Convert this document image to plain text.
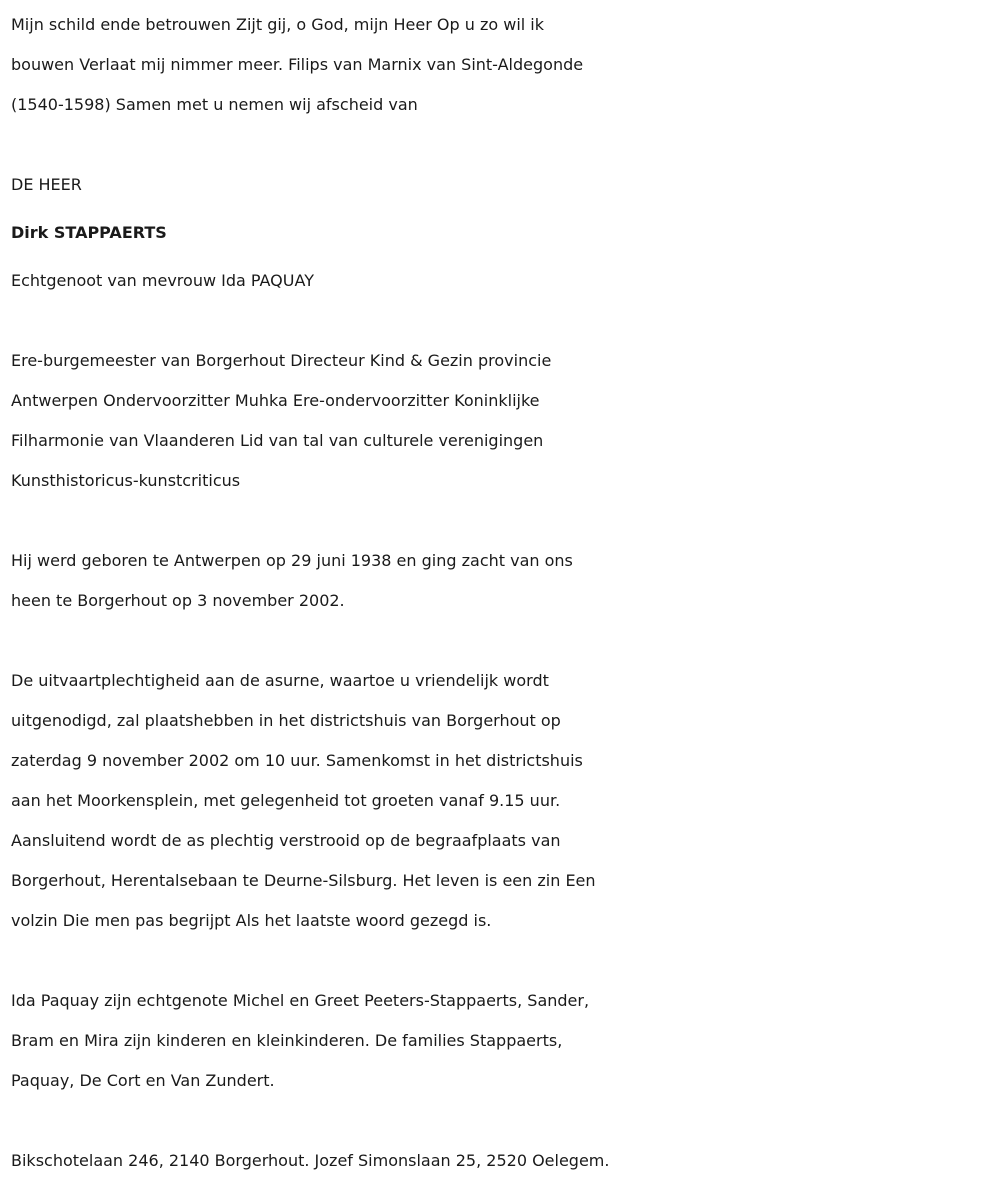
Mijn schild ende betrouwen Zijt gij, o God, mijn Heer Op u zo wil ik

bouwen Verlaat mij nimmer meer. Filips van Marnix van Sint-Aldegonde

(1540-1598) Samen met u nemen wij afscheid van

DE HEER

Dirk STAPPAERTS

Echtgenoot van mevrouw Ida PAQUAY

Ere-burgemeester van Borgerhout Directeur Kind & Gezin provincie

Antwerpen Ondervoorzitter Muhka Ere-ondervoorzitter Koninklijke

Filharmonie van Vlaanderen Lid van tal van culturele verenigingen

Kunsthistoricus-kunstcriticus

Hij werd geboren te Antwerpen op 29 juni 1938 en ging zacht van ons

heen te Borgerhout op 3 november 2002.

De uitvaartplechtigheid aan de asurne, waartoe u vriendelijk wordt

uitgenodigd, zal plaatshebben in het districtshuis van Borgerhout op

zaterdag 9 november 2002 om 10 uur. Samenkomst in het districtshuis

aan het Moorkensplein, met gelegenheid tot groeten vanaf 9.15 uur.

Aansluitend wordt de as plechtig verstrooid op de begraafplaats van

Borgerhout, Herentalsebaan te Deurne-Silsburg. Het leven is een zin Een

volzin Die men pas begrijpt Als het laatste woord gezegd is.

Ida Paquay zijn echtgenote Michel en Greet Peeters-Stappaerts, Sander,

Bram en Mira zijn kinderen en kleinkinderen. De families Stappaerts,

Paquay, De Cort en Van Zundert.

Bikschotelaan 246, 2140 Borgerhout. Jozef Simonslaan 25, 2520 Oelegem.
